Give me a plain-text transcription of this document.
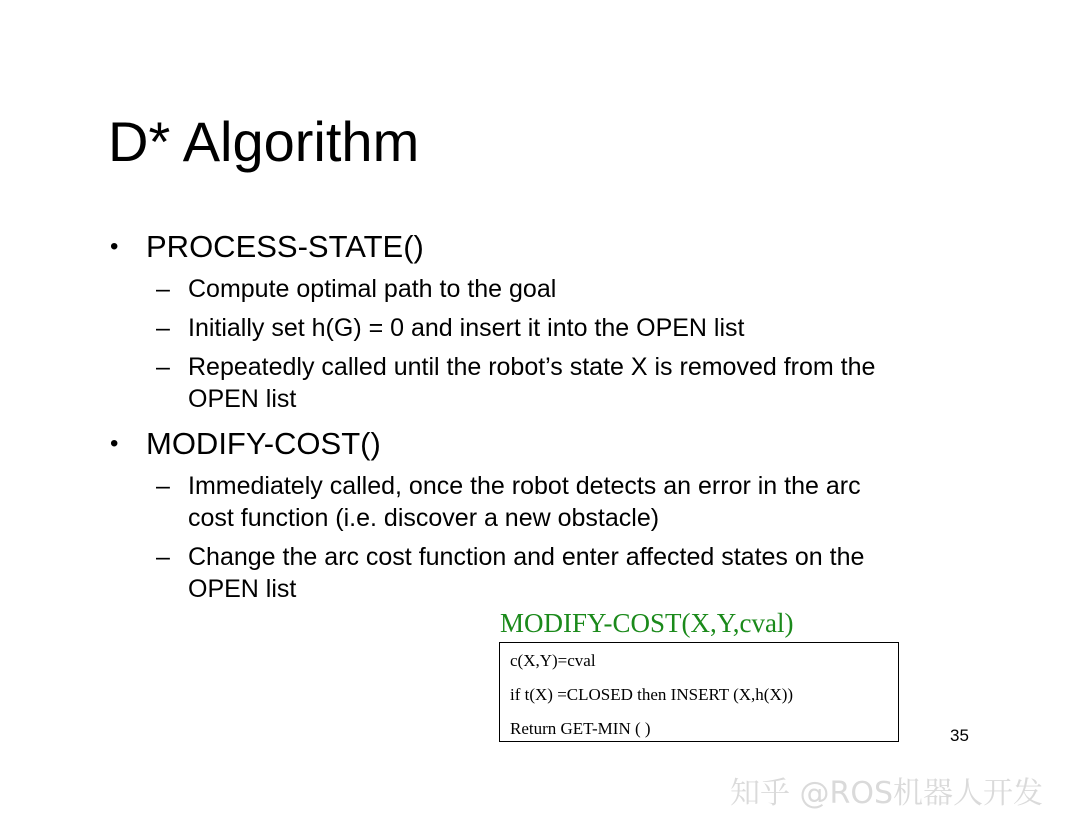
D* Algorithm
• PROCESS-STATE()
– Compute optimal path to the goal
– Initially set h(G) = 0 and insert it into the OPEN list
– Repeatedly called until the robot’s state X is removed from the
OPEN list
• MODIFY-COST()
– Immediately called, once the robot detects an error in the arc
cost function (i.e. discover a new obstacle)
– Change the arc cost function and enter affected states on the
OPEN list
MODIFY-COST(X,Y,cval)
c(X,Y)=cval
if t(X) =CLOSED then INSERT (X,h(X))
Return GET-MIN ( )	35
知乎 @ROS机器人开发
